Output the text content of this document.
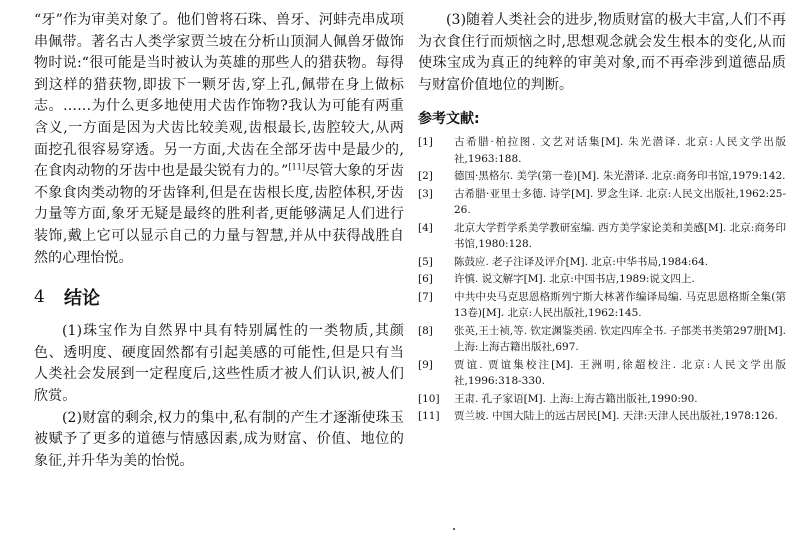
“牙”作为审美对象了。他们曾将石珠、兽牙、河蚌壳串成项串佩带。著名古人类学家贾兰坡在分析山顶洞人佩兽牙做饰物时说:“很可能是当时被认为英雄的那些人的猎获物。每得到这样的猎获物,即拔下一颗牙齿,穿上孔,佩带在身上做标志。……为什么更多地使用犬齿作饰物?我认为可能有两重含义,一方面是因为犬齿比较美观,齿根最长,齿腔较大,从两面挖孔很容易穿透。另一方面,犬齿在全部牙齿中是最少的,在食肉动物的牙齿中也是最尖锐有力的。”[11]尽管大象的牙齿不象食肉类动物的牙齿锋利,但是在齿根长度,齿腔体积,牙齿力量等方面,象牙无疑是最终的胜利者,更能够满足人们进行装饰,戴上它可以显示自己的力量与智慧,并从中获得战胜自然的心理怡悦。

4	结论

(1)珠宝作为自然界中具有特别属性的一类物质,其颜色、透明度、硬度固然都有引起美感的可能性,但是只有当人类社会发展到一定程度后,这些性质才被人们认识,被人们欣赏。

(2)财富的剩余,权力的集中,私有制的产生才逐渐使珠玉被赋予了更多的道德与情感因素,成为财富、价值、地位的象征,并升华为美的怡悦。

(3)随着人类社会的进步,物质财富的极大丰富,人们不再为衣食住行而烦恼之时,思想观念就会发生根本的变化,从而使珠宝成为真正的纯粹的审美对象,而不再牵涉到道德品质与财富价值地位的判断。

参考文献:
[1]	古希腊·柏拉图. 文艺对话集[M]. 朱光潜译. 北京:人民文学出版社,1963:188.
[2]	德国·黑格尔. 美学(第一卷)[M]. 朱光潜译. 北京:商务印书馆,1979:142.
[3]	古希腊·亚里士多德. 诗学[M]. 罗念生译. 北京:人民文出版社,1962:25-26.
[4]	北京大学哲学系美学教研室编. 西方美学家论美和美感[M]. 北京:商务印书馆,1980:128.
[5]	陈鼓应. 老子注译及评介[M]. 北京:中华书局,1984:64.
[6]	许慎. 说文解字[M]. 北京:中国书店,1989:说文四上.
[7]	中共中央马克思恩格斯列宁斯大林著作编译局编. 马克思恩格斯全集(第13卷)[M]. 北京:人民出版社,1962:145.
[8]	张英,王士祯,等. 钦定渊鉴类函. 钦定四库全书. 子部类书类第297册[M]. 上海:上海古籍出版社,697.
[9]	贾谊. 贾谊集校注[M]. 王洲明,徐超校注. 北京:人民文学出版社,1996:318-330.
[10]	王肃. 孔子家语[M]. 上海:上海古籍出版社,1990:90.
[11]	贾兰坡. 中国大陆上的远古居民[M]. 天津:天津人民出版社,1978:126.
